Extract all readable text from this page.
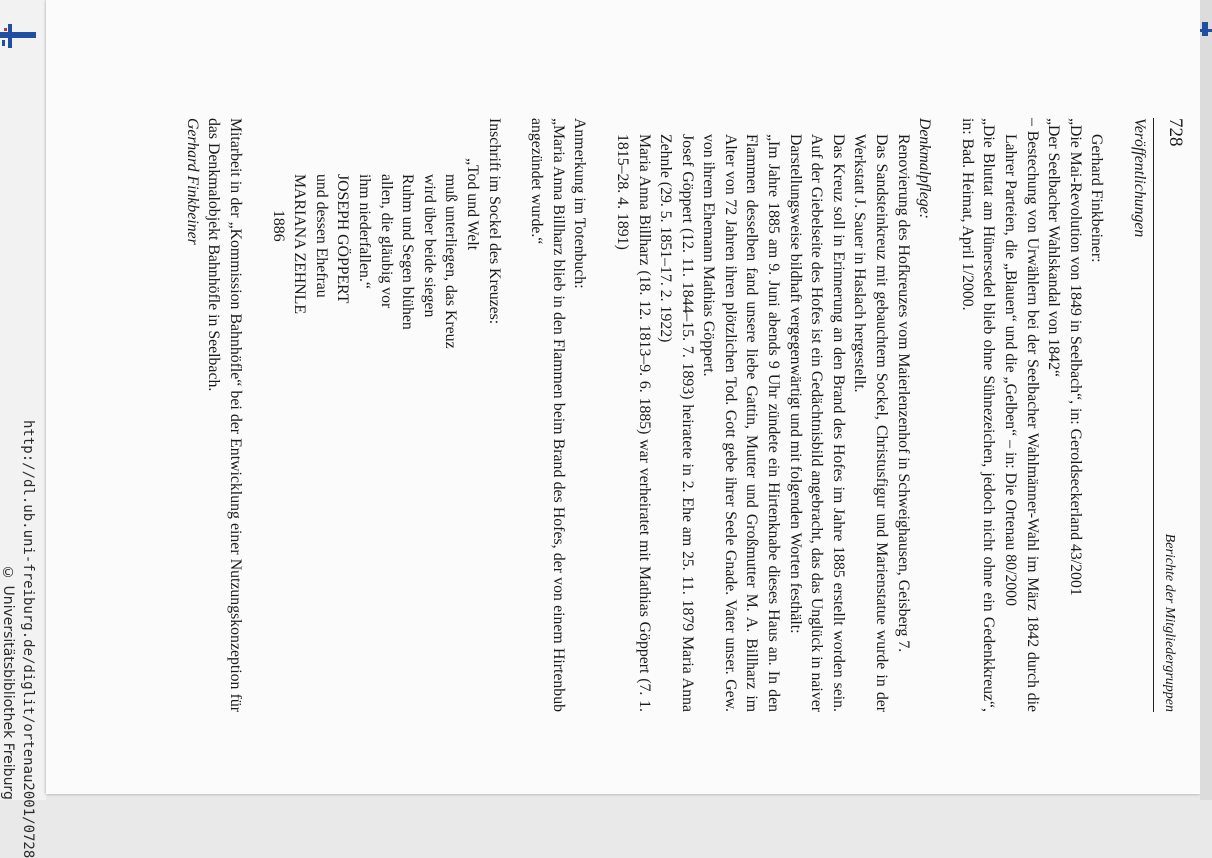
http://dl.ub.uni-freiburg.de/diglit/ortenau2001/0728
© Universitätsbibliothek Freiburg
728
Berichte der Mitgliedergruppen

Veröffentlichungen

Gerhard Finkbeiner:

„Die Mai-Revolution von 1849 in Seelbach“, in: Geroldseckerland 43/2001

„Der Seelbacher Wahlskandal von 1842“

– Bestechung von Urwählern bei der Seelbacher Wahlmänner-Wahl im März 1842 durch die Lahrer Parteien, die „Blauen“ und die „Gelben“ – in: Die Ortenau 80/2000

„Die Bluttat am Hünersedel blieb ohne Sühnezeichen, jedoch nicht ohne ein Gedenkkreuz“, in: Bad. Heimat, April 1/2000.

Denkmalpflege:

Renovierung des Hofkreuzes vom Maierlenzenhof in Schweighausen, Geisberg 7.

Das Sandsteinkreuz mit gebauchtem Sockel, Christusfigur und Marienstatue wurde in der Werkstatt J. Sauer in Haslach hergestellt.

Das Kreuz soll in Erinnerung an den Brand des Hofes im Jahre 1885 erstellt worden sein. Auf der Giebelseite des Hofes ist ein Gedächtnisbild angebracht, das das Unglück in naiver Darstellungsweise bildhaft vergegenwärtigt und mit folgenden Worten festhält:

„Im Jahre 1885 am 9. Juni abends 9 Uhr zündete ein Hirtenknabe dieses Haus an. In den Flammen desselben fand unsere liebe Gattin, Mutter und Großmutter M. A. Billharz im Alter von 72 Jahren ihren plötzlichen Tod. Gott gebe ihrer Seele Gnade. Vater unser. Gew. von ihrem Ehemann Mathias Göppert.

Josef Göppert (12. 11. 1844–15. 7. 1893) heiratete in 2. Ehe am 25. 11. 1879 Maria Anna Zehnle (29. 5. 1851–17. 2. 1922)

Maria Anna Billharz (18. 12. 1813–9. 6. 1885) war verheiratet mit Mathias Göppert (7. 1. 1815–28. 4. 1891)

Anmerkung im Totenbuch:

„Maria Anna Billharz blieb in den Flammen beim Brand des Hofes, der von einem Hirtenbub angezündet wurde.“

Inschrift im Sockel des Kreuzes:

„Tod und Welt

muß unterliegen, das Kreuz

wird über beide siegen

Ruhm und Segen blühen

allen, die gläubig vor

ihm niederfallen.“

JOSEPH GÖPPERT

und dessen Ehefrau

MARIANA ZEHNLE

1886

Mitarbeit in der „Kommission Bahnhöfle“ bei der Entwicklung einer Nutzungskonzeption für das Denkmalobjekt Bahnhöfle in Seelbach.

Gerhard Finkbeiner
